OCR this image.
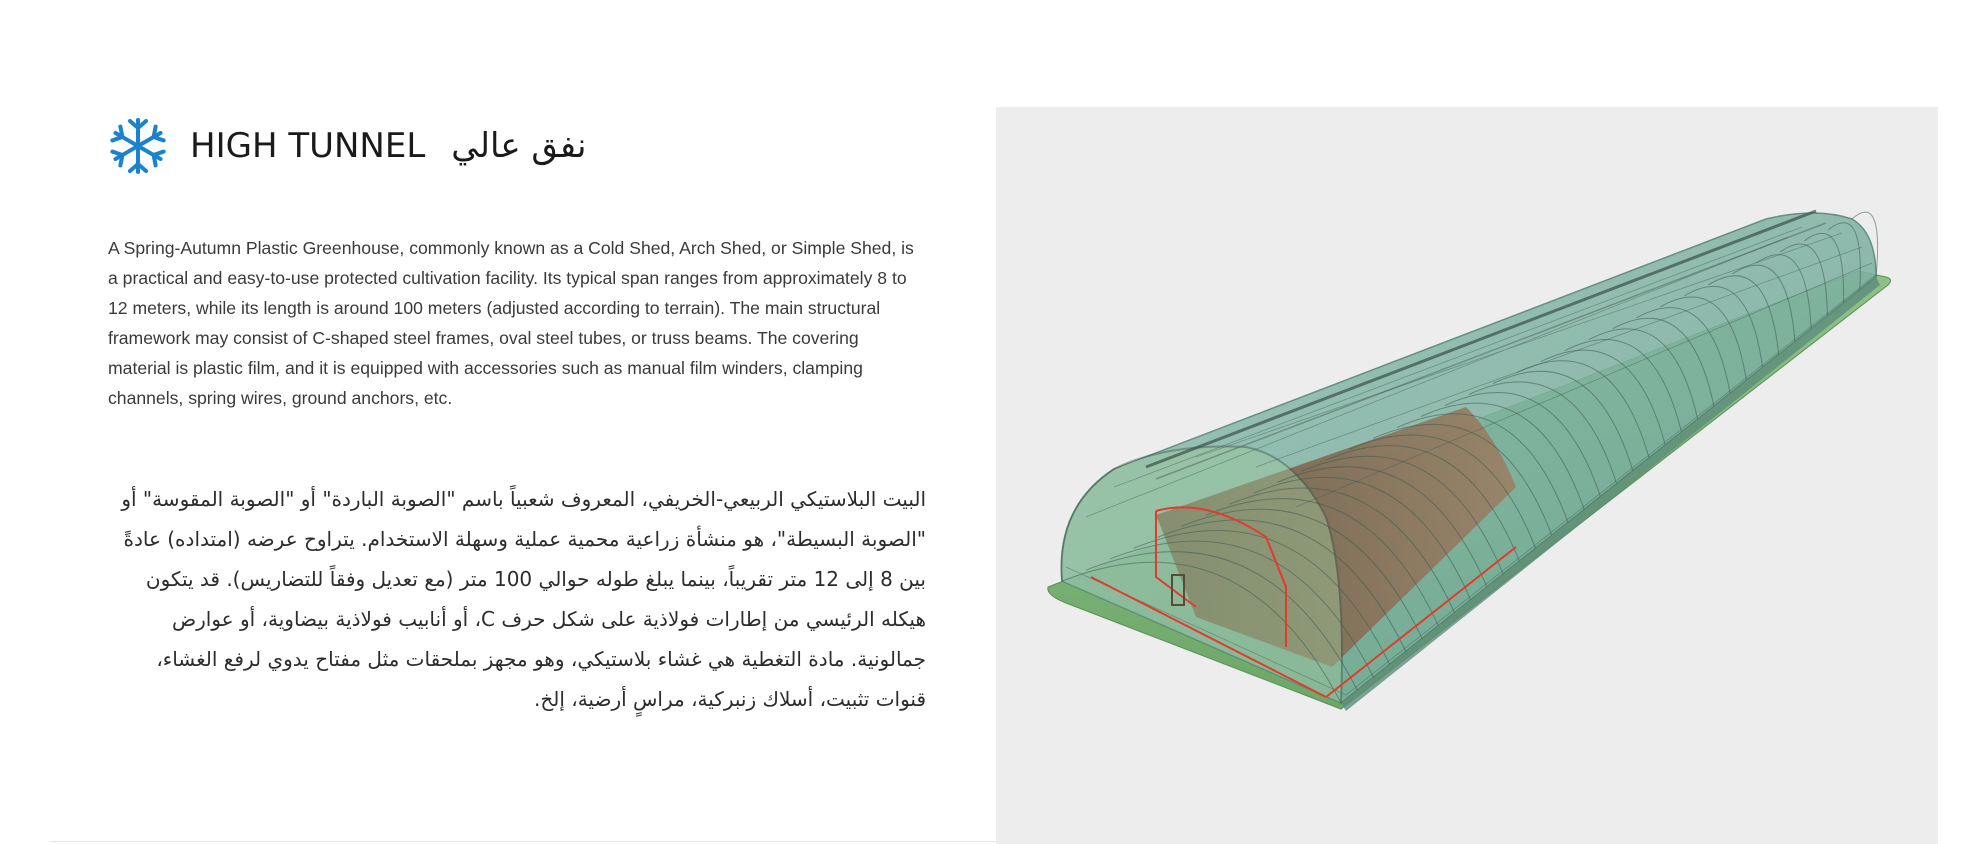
HIGH TUNNEL نفق عالي
A Spring-Autumn Plastic Greenhouse, commonly known as a Cold Shed, Arch Shed, or Simple Shed, is a practical and easy-to-use protected cultivation facility. Its typical span ranges from approximately 8 to 12 meters, while its length is around 100 meters (adjusted according to terrain). The main structural framework may consist of C-shaped steel frames, oval steel tubes, or truss beams. The covering material is plastic film, and it is equipped with accessories such as manual film winders, clamping channels, spring wires, ground anchors, etc.
البيت البلاستيكي الربيعي-الخريفي، المعروف شعبياً باسم "الصوبة الباردة" أو "الصوبة المقوسة" أو "الصوبة البسيطة"، هو منشأة زراعية محمية عملية وسهلة الاستخدام. يتراوح عرضه (امتداده) عادةً بين 8 إلى 12 متر تقريباً، بينما يبلغ طوله حوالي 100 متر (مع تعديل وفقاً للتضاريس). قد يتكون هيكله الرئيسي من إطارات فولاذية على شكل حرف C، أو أنابيب فولاذية بيضاوية، أو عوارض جمالونية. مادة التغطية هي غشاء بلاستيكي، وهو مجهز بملحقات مثل مفتاح يدوي لرفع الغشاء، قنوات تثبيت، أسلاك زنبركية، مراسٍ أرضية، إلخ.
